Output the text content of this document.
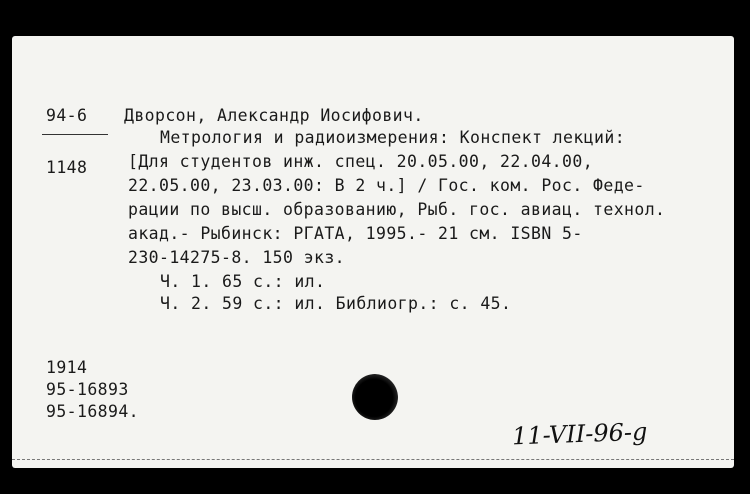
94-6
1148
Дворсон, Александр Иосифович.
Метрология и радиоизмерения: Конспект лекций:
[Для студентов инж. спец. 20.05.00, 22.04.00,
22.05.00, 23.03.00: В 2 ч.] / Гос. ком. Рос. Феде-
рации по высш. образованию, Рыб. гос. авиац. технол.
акад.- Рыбинск: РГАТА, 1995.- 21 см. ISBN 5-
230-14275-8. 150 экз.
Ч. 1. 65 с.: ил.
Ч. 2. 59 с.: ил. Библиогр.: с. 45.
1914
95-16893
95-16894.
11-VII-96-g
